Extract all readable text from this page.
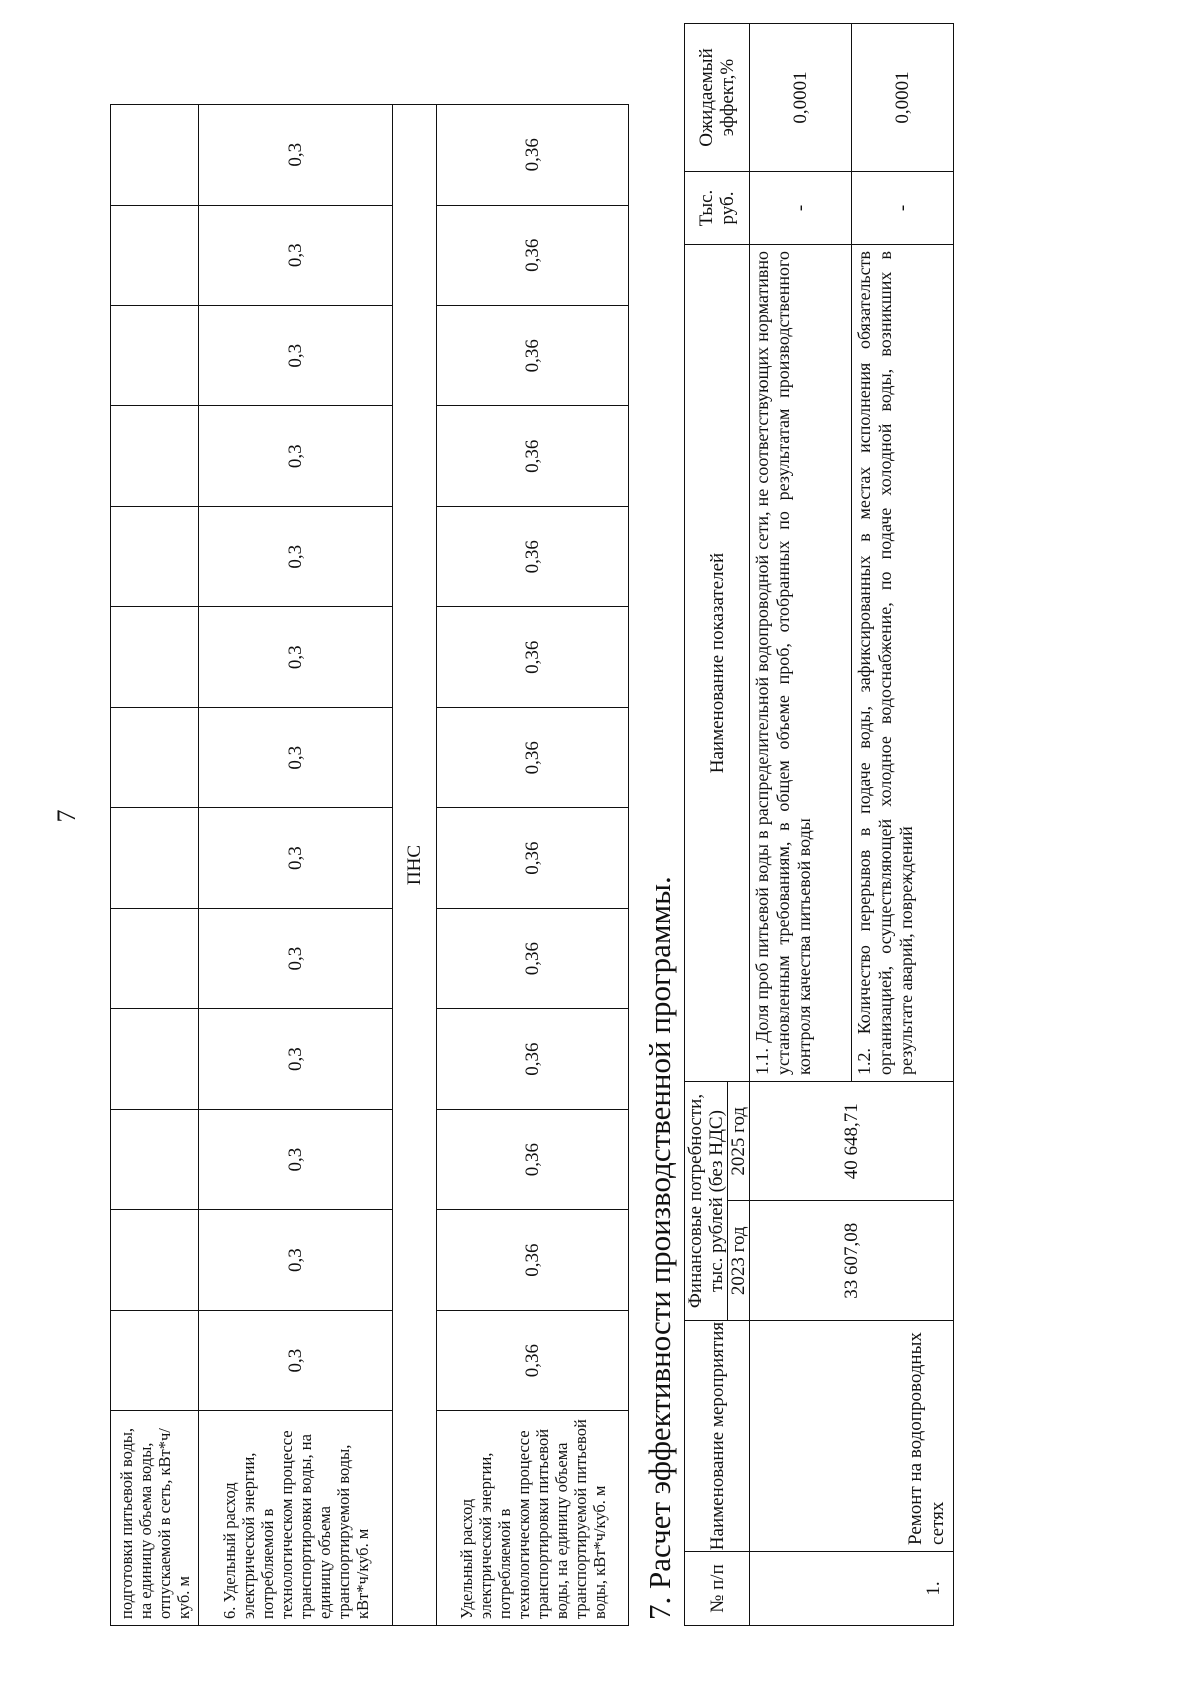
7
подготовки питьевой воды, на единицу объема воды, отпускаемой в сеть, кВт*ч/куб. м													
6. Удельный расход электрической энергии, потребляемой в технологическом процессе транспортировки воды, на единицу объема транспортируемой воды, кВт*ч/куб. м	0,3	0,3	0,3	0,3	0,3	0,3	0,3	0,3	0,3	0,3	0,3	0,3	0,3
ПНС													
Удельный расход электрической энергии, потребляемой в технологическом процессе транспортировки питьевой воды, на единицу объема транспортируемой питьевой воды, кВт*ч/куб. м	0,36	0,36	0,36	0,36	0,36	0,36	0,36	0,36	0,36	0,36	0,36	0,36	0,36
7. Расчет эффективности производственной программы. № п/п	Наименование мероприятия	Финансовые потребности, тыс. рублей (без НДС)		Наименование показателей	Тыс. руб.	Ожидаемый эффект,%
		2023 год	2025 год			
1.	Ремонт на водопроводных сетях	33 607,08	40 648,71	1.1. Доля проб питьевой воды в распределительной водопроводной сети, не соответствующих нормативно установленным требованиям, в общем объеме проб, отобранных по результатам производственного контроля качества питьевой воды	-	0,0001
				1.2. Количество перерывов в подаче воды, зафиксированных в местах исполнения обязательств организацией, осуществляющей холодное водоснабжение, по подаче холодной воды, возникших в результате аварий, повреждений	-	0,0001
